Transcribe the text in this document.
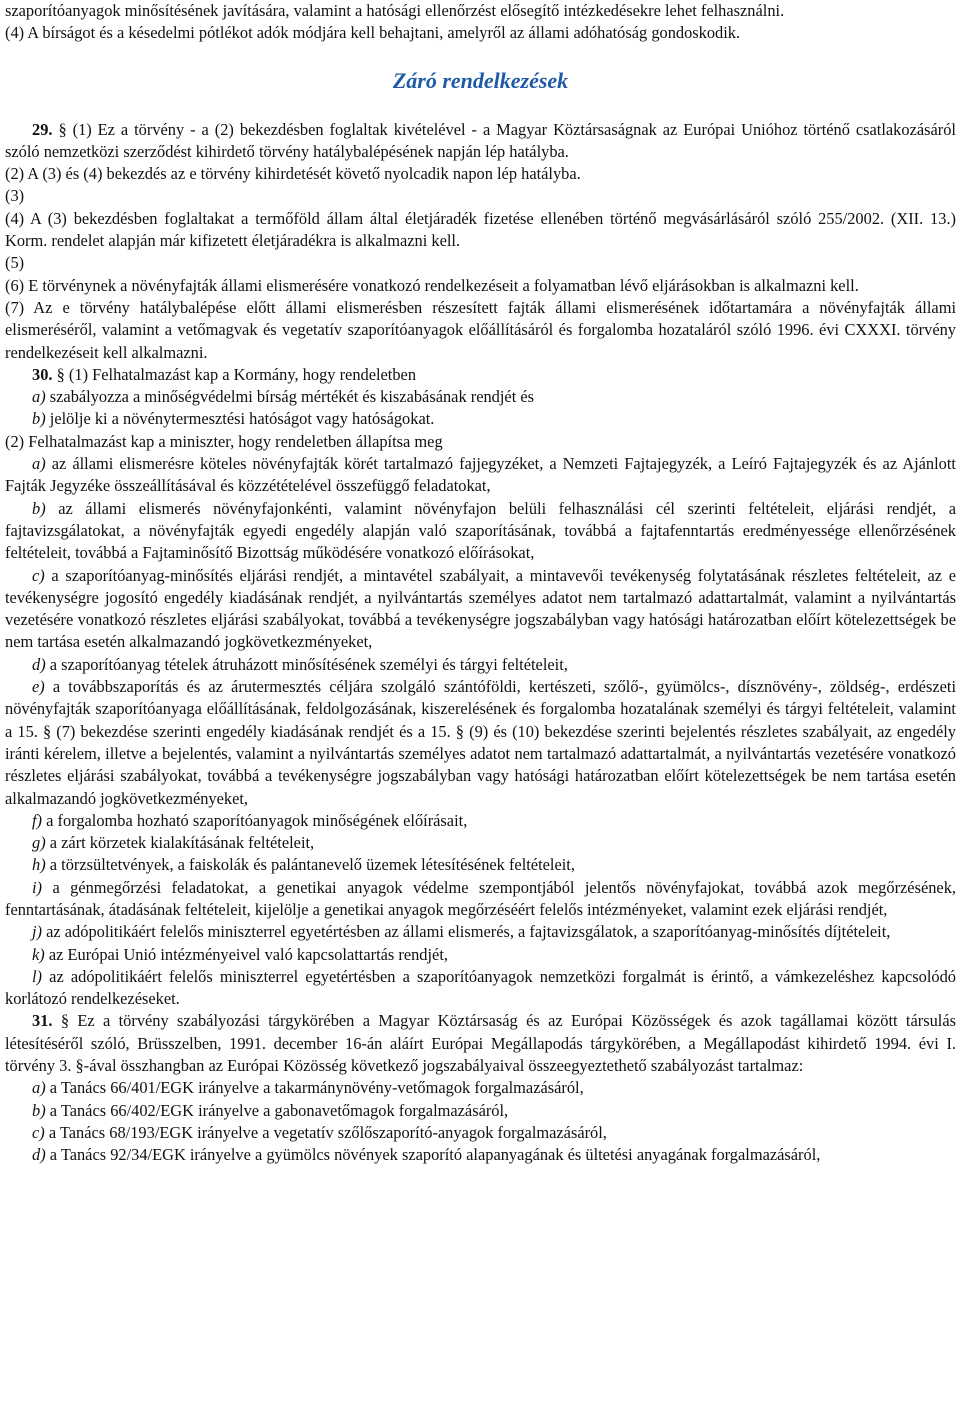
szaporítóanyagok minősítésének javítására, valamint a hatósági ellenőrzést elősegítő intézkedésekre lehet felhasználni.

(4) A bírságot és a késedelmi pótlékot adók módjára kell behajtani, amelyről az állami adóhatóság gondoskodik.

Záró rendelkezések

29. § (1) Ez a törvény - a (2) bekezdésben foglaltak kivételével - a Magyar Köztársaságnak az Európai Unióhoz történő csatlakozásáról szóló nemzetközi szerződést kihirdető törvény hatálybalépésének napján lép hatályba.

(2) A (3) és (4) bekezdés az e törvény kihirdetését követő nyolcadik napon lép hatályba.

(3)

(4) A (3) bekezdésben foglaltakat a termőföld állam által életjáradék fizetése ellenében történő megvásárlásáról szóló 255/2002. (XII. 13.) Korm. rendelet alapján már kifizetett életjáradékra is alkalmazni kell.

(5)

(6) E törvénynek a növényfajták állami elismerésére vonatkozó rendelkezéseit a folyamatban lévő eljárásokban is alkalmazni kell.

(7) Az e törvény hatálybalépése előtt állami elismerésben részesített fajták állami elismerésének időtartamára a növényfajták állami elismeréséről, valamint a vetőmagvak és vegetatív szaporítóanyagok előállításáról és forgalomba hozataláról szóló 1996. évi CXXXI. törvény rendelkezéseit kell alkalmazni.

30. § (1) Felhatalmazást kap a Kormány, hogy rendeletben

a) szabályozza a minőségvédelmi bírság mértékét és kiszabásának rendjét és

b) jelölje ki a növénytermesztési hatóságot vagy hatóságokat.

(2) Felhatalmazást kap a miniszter, hogy rendeletben állapítsa meg

a) az állami elismerésre köteles növényfajták körét tartalmazó fajjegyzéket, a Nemzeti Fajtajegyzék, a Leíró Fajtajegyzék és az Ajánlott Fajták Jegyzéke összeállításával és közzétételével összefüggő feladatokat,

b) az állami elismerés növényfajonkénti, valamint növényfajon belüli felhasználási cél szerinti feltételeit, eljárási rendjét, a fajtavizsgálatokat, a növényfajták egyedi engedély alapján való szaporításának, továbbá a fajtafenntartás eredményessége ellenőrzésének feltételeit, továbbá a Fajtaminősítő Bizottság működésére vonatkozó előírásokat,

c) a szaporítóanyag-minősítés eljárási rendjét, a mintavétel szabályait, a mintavevői tevékenység folytatásának részletes feltételeit, az e tevékenységre jogosító engedély kiadásának rendjét, a nyilvántartás személyes adatot nem tartalmazó adattartalmát, valamint a nyilvántartás vezetésére vonatkozó részletes eljárási szabályokat, továbbá a tevékenységre jogszabályban vagy hatósági határozatban előírt kötelezettségek be nem tartása esetén alkalmazandó jogkövetkezményeket,

d) a szaporítóanyag tételek átruházott minősítésének személyi és tárgyi feltételeit,

e) a továbbszaporítás és az árutermesztés céljára szolgáló szántóföldi, kertészeti, szőlő-, gyümölcs-, dísznövény-, zöldség-, erdészeti növényfajták szaporítóanyaga előállításának, feldolgozásának, kiszerelésének és forgalomba hozatalának személyi és tárgyi feltételeit, valamint a 15. § (7) bekezdése szerinti engedély kiadásának rendjét és a 15. § (9) és (10) bekezdése szerinti bejelentés részletes szabályait, az engedély iránti kérelem, illetve a bejelentés, valamint a nyilvántartás személyes adatot nem tartalmazó adattartalmát, a nyilvántartás vezetésére vonatkozó részletes eljárási szabályokat, továbbá a tevékenységre jogszabályban vagy hatósági határozatban előírt kötelezettségek be nem tartása esetén alkalmazandó jogkövetkezményeket,

f) a forgalomba hozható szaporítóanyagok minőségének előírásait,

g) a zárt körzetek kialakításának feltételeit,

h) a törzsültetvények, a faiskolák és palántanevelő üzemek létesítésének feltételeit,

i) a génmegőrzési feladatokat, a genetikai anyagok védelme szempontjából jelentős növényfajokat, továbbá azok megőrzésének, fenntartásának, átadásának feltételeit, kijelölje a genetikai anyagok megőrzéséért felelős intézményeket, valamint ezek eljárási rendjét,

j) az adópolitikáért felelős miniszterrel egyetértésben az állami elismerés, a fajtavizsgálatok, a szaporítóanyag-minősítés díjtételeit,

k) az Európai Unió intézményeivel való kapcsolattartás rendjét,

l) az adópolitikáért felelős miniszterrel egyetértésben a szaporítóanyagok nemzetközi forgalmát is érintő, a vámkezeléshez kapcsolódó korlátozó rendelkezéseket.

31. § Ez a törvény szabályozási tárgykörében a Magyar Köztársaság és az Európai Közösségek és azok tagállamai között társulás létesítéséről szóló, Brüsszelben, 1991. december 16-án aláírt Európai Megállapodás tárgykörében, a Megállapodást kihirdető 1994. évi I. törvény 3. §-ával összhangban az Európai Közösség következő jogszabályaival összeegyeztethető szabályozást tartalmaz:

a) a Tanács 66/401/EGK irányelve a takarmánynövény-vetőmagok forgalmazásáról,

b) a Tanács 66/402/EGK irányelve a gabonavetőmagok forgalmazásáról,

c) a Tanács 68/193/EGK irányelve a vegetatív szőlőszaporító-anyagok forgalmazásáról,

d) a Tanács 92/34/EGK irányelve a gyümölcs növények szaporító alapanyagának és ültetési anyagának forgalmazásáról,
